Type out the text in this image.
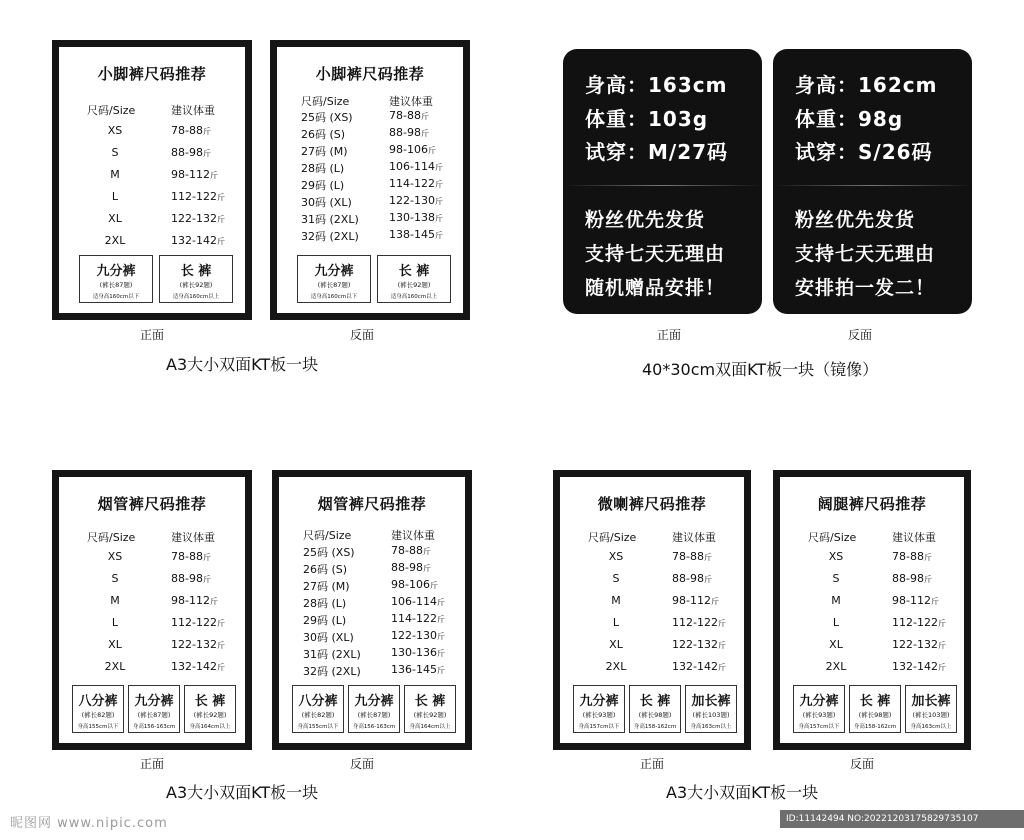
小脚裤尺码推荐
尺码/Size	建议体重
XS	78-88斤
S	88-98斤
M	98-112斤
L	112-122斤
XL	122-132斤
2XL	132-142斤
九分裤
(裤长87题)
适身高160cm以下
长 裤
(裤长92题)
适身高160cm以上
小脚裤尺码推荐
尺码/Size	建议体重
25码 (XS)	78-88斤
26码 (S)	88-98斤
27码 (M)	98-106斤
28码 (L)	106-114斤
29码 (L)	114-122斤
30码 (XL)	122-130斤
31码 (2XL)	130-138斤
32码 (2XL)	138-145斤
九分裤
(裤长87题)
适身高160cm以下
长 裤
(裤长92题)
适身高160cm以上
正面	反面
A3大小双面KT板一块
身高：163cm
体重：103g
试穿：M/27码
粉丝优先发货
支持七天无理由
随机赠品安排！
身高：162cm
体重：98g
试穿：S/26码
粉丝优先发货
支持七天无理由
安排拍一发二！
正面	反面
40*30cm双面KT板一块（镜像）
烟管裤尺码推荐
尺码/Size	建议体重
XS	78-88斤
S	88-98斤
M	98-112斤
L	112-122斤
XL	122-132斤
2XL	132-142斤
八分裤
(裤长82题)
身高155cm以下
九分裤
(裤长87题)
身高156-163cm
长 裤
(裤长92题)
身高164cm以上
烟管裤尺码推荐
尺码/Size	建议体重
25码 (XS)	78-88斤
26码 (S)	88-98斤
27码 (M)	98-106斤
28码 (L)	106-114斤
29码 (L)	114-122斤
30码 (XL)	122-130斤
31码 (2XL)	130-136斤
32码 (2XL)	136-145斤
八分裤
(裤长82题)
身高155cm以下
九分裤
(裤长87题)
身高156-163cm
长 裤
(裤长92题)
身高164cm以上
正面	反面
A3大小双面KT板一块
微喇裤尺码推荐
尺码/Size	建议体重
XS	78-88斤
S	88-98斤
M	98-112斤
L	112-122斤
XL	122-132斤
2XL	132-142斤
九分裤
(裤长93题)
身高157cm以下
长 裤
(裤长98题)
身高158-162cm
加长裤
(裤长103题)
身高163cm以上
阔腿裤尺码推荐
尺码/Size	建议体重
XS	78-88斤
S	88-98斤
M	98-112斤
L	112-122斤
XL	122-132斤
2XL	132-142斤
九分裤
(裤长93题)
身高157cm以下
长 裤
(裤长98题)
身高158-162cm
加长裤
(裤长103题)
身高163cm以上
正面	反面
A3大小双面KT板一块
昵图网 www.nipic.com	ID:11142494 NO:20221203175829735107
